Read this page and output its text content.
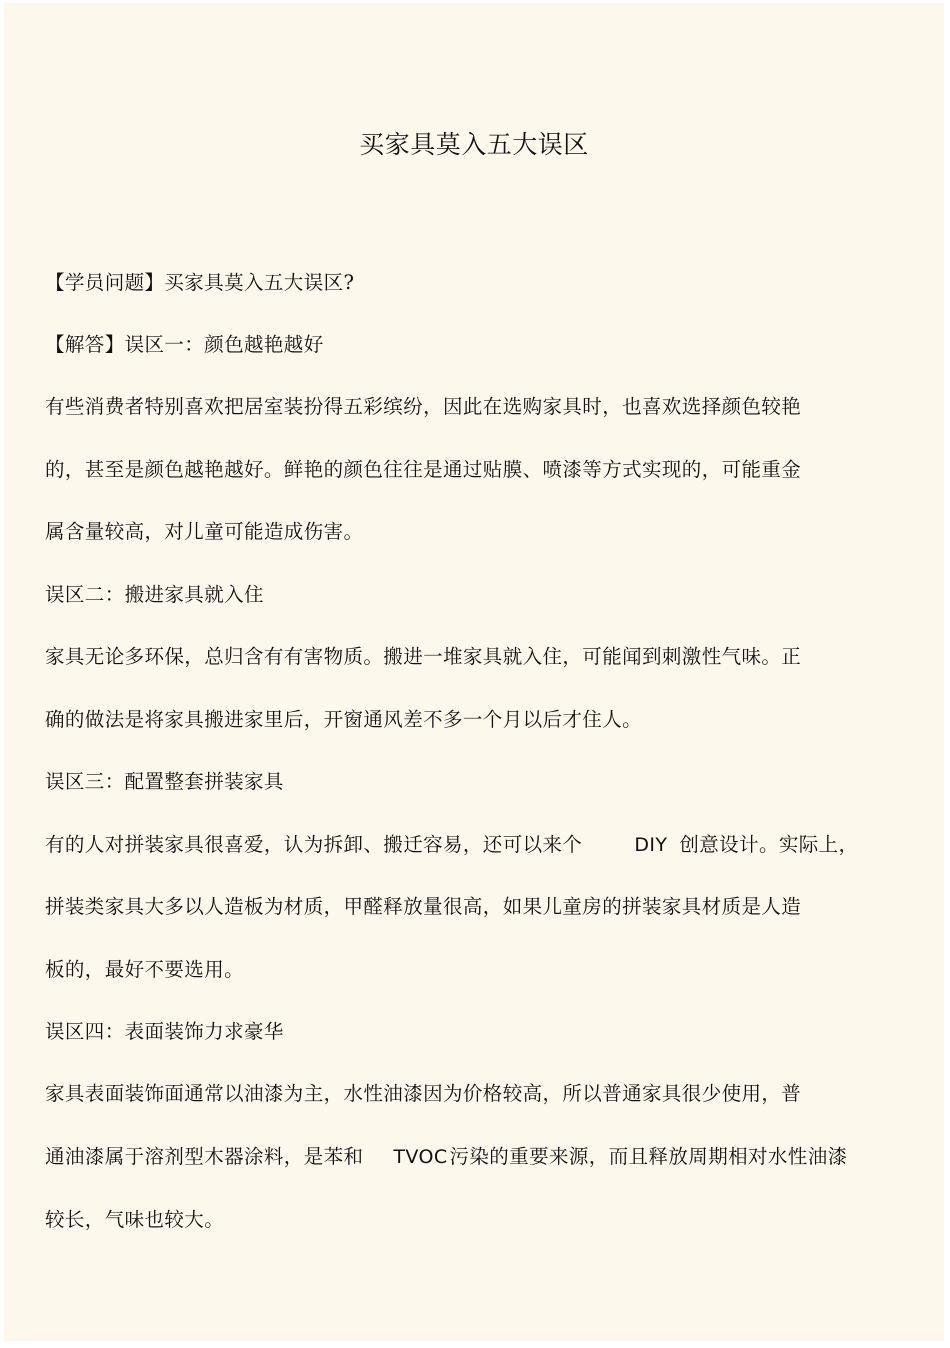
买家具莫入五大误区
【学员问题】买家具莫入五大误区?
【解答】误区一：颜色越艳越好
有些消费者特别喜欢把居室装扮得五彩缤纷，因此在选购家具时，也喜欢选择颜色较艳
的，甚至是颜色越艳越好。鲜艳的颜色往往是通过贴膜、喷漆等方式实现的，可能重金
属含量较高，对儿童可能造成伤害。
误区二：搬进家具就入住
家具无论多环保，总归含有有害物质。搬进一堆家具就入住，可能闻到刺激性气味。正
确的做法是将家具搬进家里后，开窗通风差不多一个月以后才住人。
误区三：配置整套拼装家具
有的人对拼装家具很喜爱，认为拆卸、搬迁容易，还可以来个	DIY 创意设计。实际上，
拼装类家具大多以人造板为材质，甲醛释放量很高，如果儿童房的拼装家具材质是人造
板的，最好不要选用。
误区四：表面装饰力求豪华
家具表面装饰面通常以油漆为主，水性油漆因为价格较高，所以普通家具很少使用，普
通油漆属于溶剂型木器涂料，是苯和 TVOC 污染的重要来源，而且释放周期相对水性油漆
较长，气味也较大。
